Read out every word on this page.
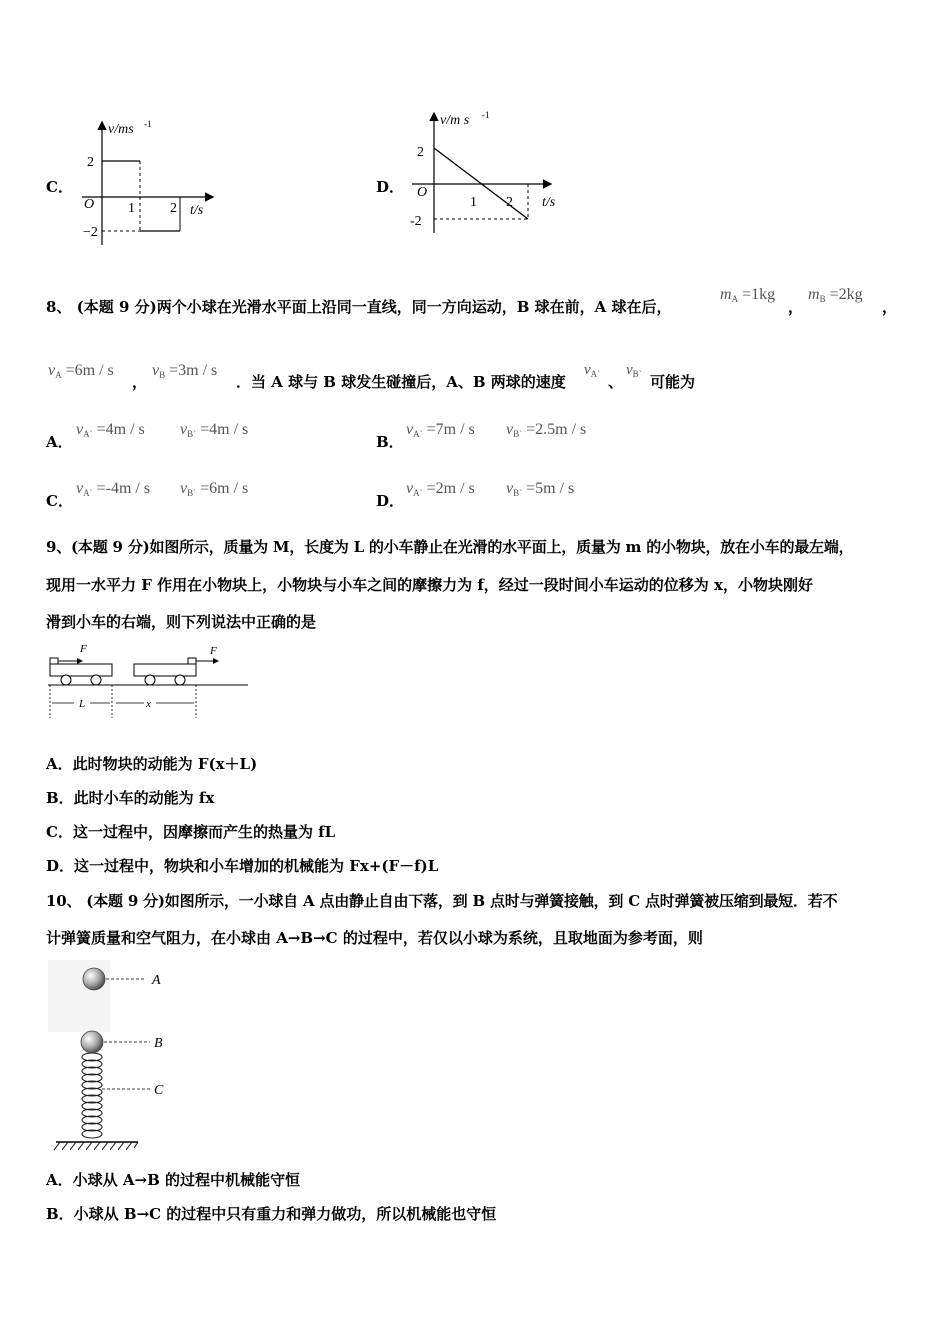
C．
v/ms -1
2
−2
O 1	2 t/s
D．
v/m s -1
2
-2
O
1 2 t/s
8、 (本题 9 分)两个小球在光滑水平面上沿同一直线，同一方向运动，B 球在前，A 球在后，
$m_A =1kg$
，
$m_B =2kg$
，
$v_A =6m / s$
，
$v_B =3m / s$
．当 A 球与 B 球发生碰撞后，A、B 两球的速度
$v_{A`}$ 、
$v_{B`}$ 可能为
A．
$v_{A`} =4m / s$ $v_{B`} =4m / s$
B．
$v_{A`} =7m / s$ $v_{B`} =2.5m / s$
C．
$v_{A`} =-4m / s$ $v_{B`} =6m / s$
D．
$v_{A`} =2m / s$ $v_{B`} =5m / s$
9、(本题 9 分)如图所示，质量为 M，长度为 L 的小车静止在光滑的水平面上，质量为 m 的小物块，放在小车的最左端，
现用一水平力 F 作用在小物块上，小物块与小车之间的摩擦力为 f，经过一段时间小车运动的位移为 x，小物块刚好
滑到小车的右端，则下列说法中正确的是
F	F
L	x
A．此时物块的动能为 F(x＋L)
B．此时小车的动能为 fx
C．这一过程中，因摩擦而产生的热量为 fL
D．这一过程中，物块和小车增加的机械能为 Fx+(F－f)L
10、 (本题 9 分)如图所示，一小球自 A 点由静止自由下落，到 B 点时与弹簧接触，到 C 点时弹簧被压缩到最短．若不
计弹簧质量和空气阻力，在小球由 A→B→C 的过程中，若仅以小球为系统，且取地面为参考面，则
A
B
C
A．小球从 A→B 的过程中机械能守恒
B．小球从 B→C 的过程中只有重力和弹力做功，所以机械能也守恒
